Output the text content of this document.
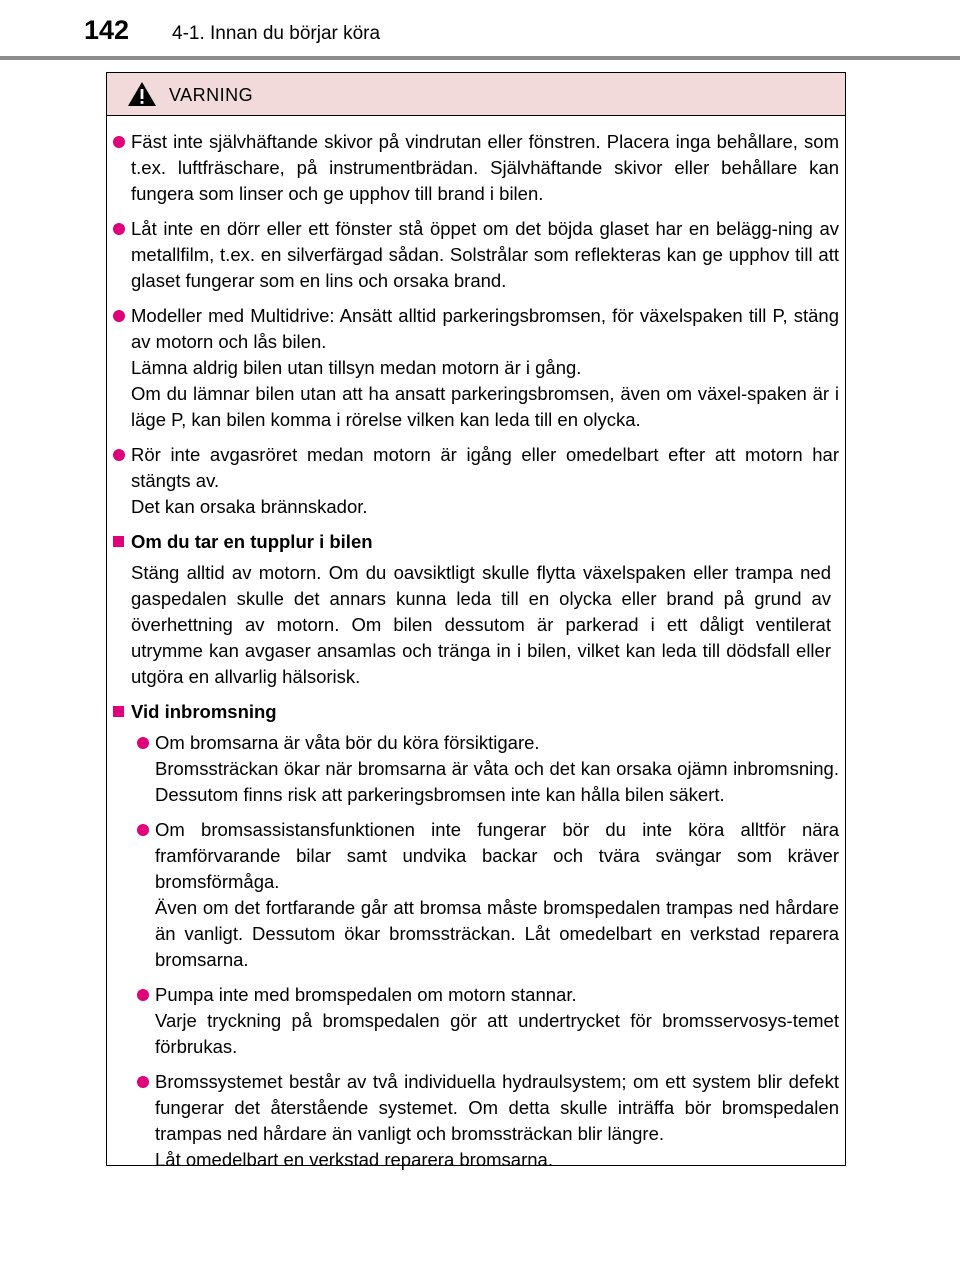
142 4-1. Innan du börjar köra
VARNING
Fäst inte självhäftande skivor på vindrutan eller fönstren. Placera inga behållare, som t.ex. luftfräschare, på instrumentbrädan. Självhäftande skivor eller behållare kan fungera som linser och ge upphov till brand i bilen.
Låt inte en dörr eller ett fönster stå öppet om det böjda glaset har en belägg-ning av metallfilm, t.ex. en silverfärgad sådan. Solstrålar som reflekteras kan ge upphov till att glaset fungerar som en lins och orsaka brand.
Modeller med Multidrive: Ansätt alltid parkeringsbromsen, för växelspaken till P, stäng av motorn och lås bilen.
Lämna aldrig bilen utan tillsyn medan motorn är i gång.
Om du lämnar bilen utan att ha ansatt parkeringsbromsen, även om växel-spaken är i läge P, kan bilen komma i rörelse vilken kan leda till en olycka.
Rör inte avgasröret medan motorn är igång eller omedelbart efter att motorn har stängts av.
Det kan orsaka brännskador.
Om du tar en tupplur i bilen
Stäng alltid av motorn. Om du oavsiktligt skulle flytta växelspaken eller trampa ned gaspedalen skulle det annars kunna leda till en olycka eller brand på grund av överhettning av motorn. Om bilen dessutom är parkerad i ett dåligt ventilerat utrymme kan avgaser ansamlas och tränga in i bilen, vilket kan leda till dödsfall eller utgöra en allvarlig hälsorisk.
Vid inbromsning
Om bromsarna är våta bör du köra försiktigare.
Bromssträckan ökar när bromsarna är våta och det kan orsaka ojämn inbromsning. Dessutom finns risk att parkeringsbromsen inte kan hålla bilen säkert.
Om bromsassistansfunktionen inte fungerar bör du inte köra alltför nära framförvarande bilar samt undvika backar och tvära svängar som kräver bromsförmåga.
Även om det fortfarande går att bromsa måste bromspedalen trampas ned hårdare än vanligt. Dessutom ökar bromssträckan. Låt omedelbart en verkstad reparera bromsarna.
Pumpa inte med bromspedalen om motorn stannar.
Varje tryckning på bromspedalen gör att undertrycket för bromsservosys-temet förbrukas.
Bromssystemet består av två individuella hydraulsystem; om ett system blir defekt fungerar det återstående systemet. Om detta skulle inträffa bör bromspedalen trampas ned hårdare än vanligt och bromssträckan blir längre.
Låt omedelbart en verkstad reparera bromsarna.
